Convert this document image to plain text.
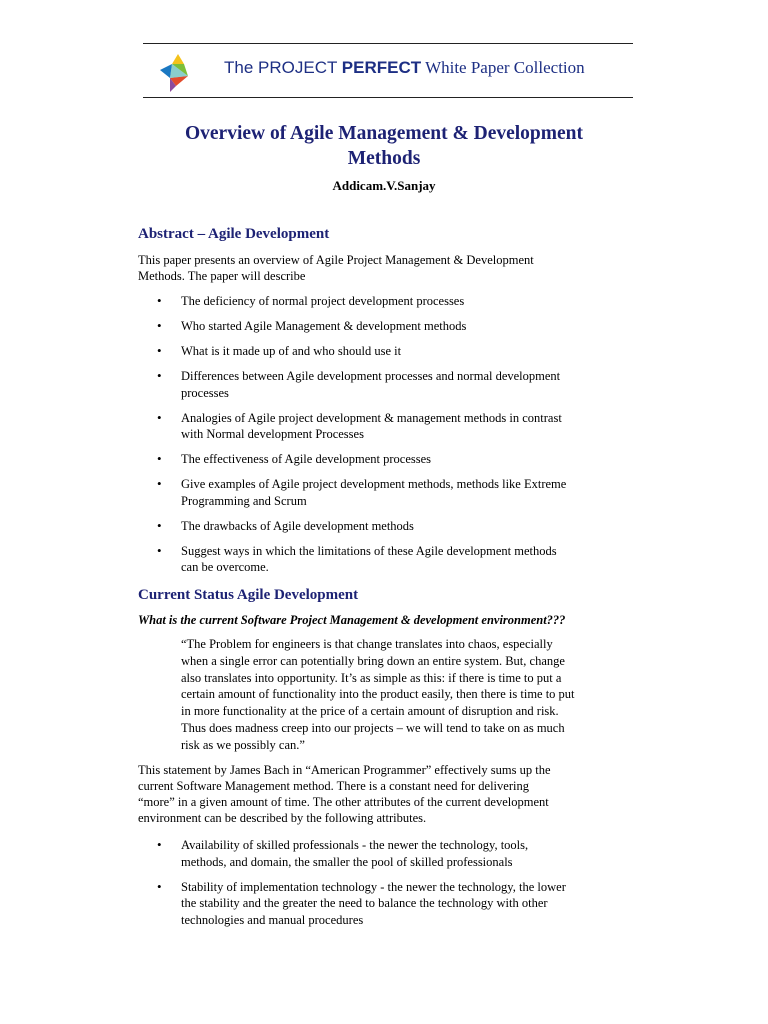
The PROJECT PERFECT White Paper Collection
Overview of Agile Management & Development
Methods
Addicam.V.Sanjay
Abstract – Agile Development
This paper presents an overview of Agile Project Management & Development
Methods. The paper will describe
• The deficiency of normal project development processes
• Who started Agile Management & development methods
• What is it made up of and who should use it
• Differences between Agile development processes and normal development
processes
• Analogies of Agile project development & management methods in contrast
with Normal development Processes
• The effectiveness of Agile development processes
• Give examples of Agile project development methods, methods like Extreme
Programming and Scrum
• The drawbacks of Agile development methods
• Suggest ways in which the limitations of these Agile development methods
can be overcome.
Current Status Agile Development
What is the current Software Project Management & development environment???
“The Problem for engineers is that change translates into chaos, especially
when a single error can potentially bring down an entire system. But, change
also translates into opportunity. It’s as simple as this: if there is time to put a
certain amount of functionality into the product easily, then there is time to put
in more functionality at the price of a certain amount of disruption and risk.
Thus does madness creep into our projects – we will tend to take on as much
risk as we possibly can.”
This statement by James Bach in “American Programmer” effectively sums up the
current Software Management method. There is a constant need for delivering
“more” in a given amount of time. The other attributes of the current development
environment can be described by the following attributes.
• Availability of skilled professionals - the newer the technology, tools,
methods, and domain, the smaller the pool of skilled professionals
• Stability of implementation technology - the newer the technology, the lower
the stability and the greater the need to balance the technology with other
technologies and manual procedures
